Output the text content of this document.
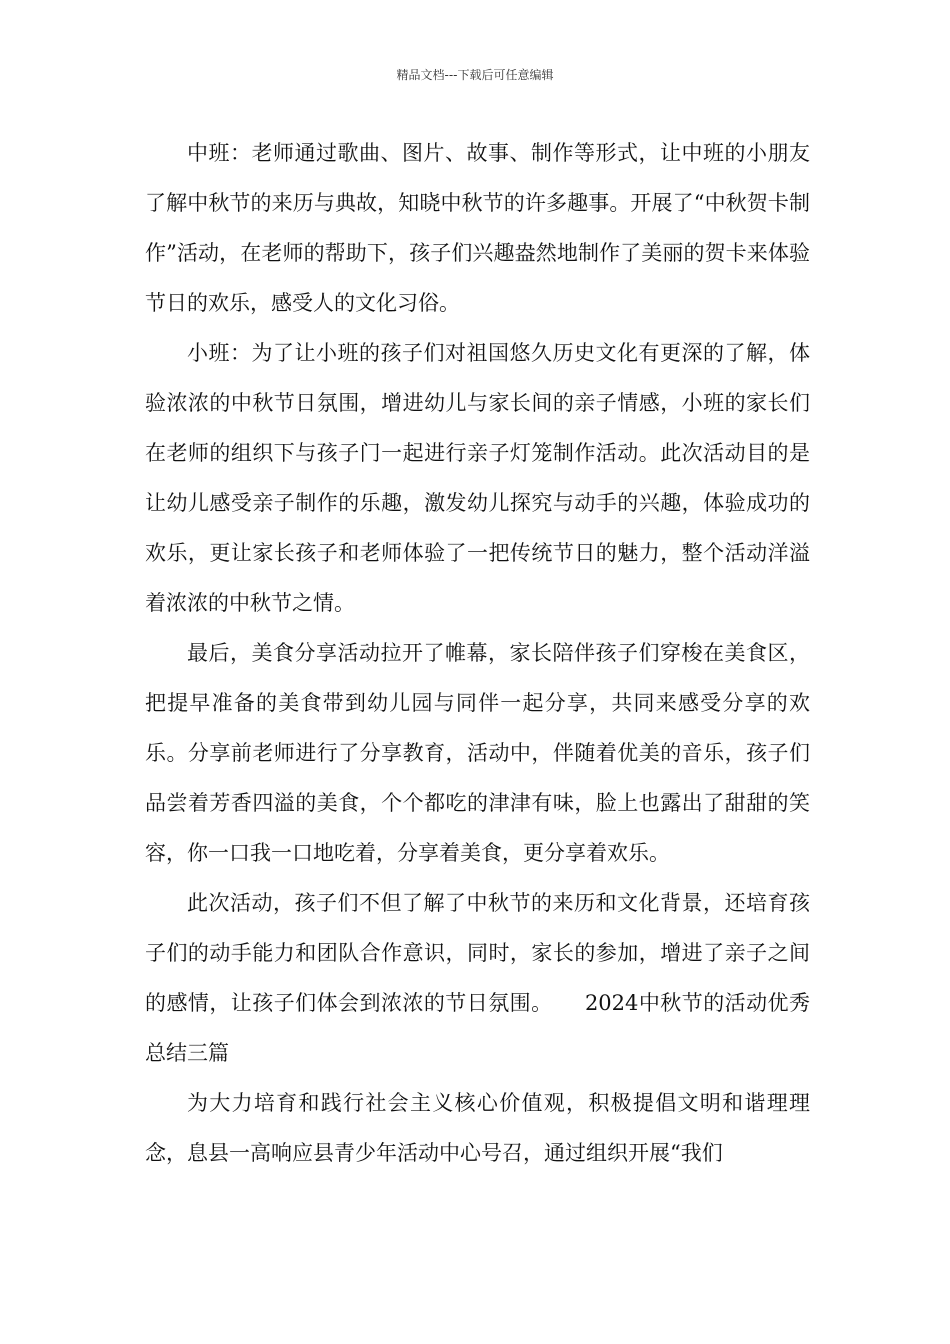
精品文档---下载后可任意编辑

中班：老师通过歌曲、图片、故事、制作等形式，让中班的小朋友了解中秋节的来历与典故，知晓中秋节的许多趣事。开展了“中秋贺卡制作”活动，在老师的帮助下，孩子们兴趣盎然地制作了美丽的贺卡来体验节日的欢乐，感受人的文化习俗。

小班：为了让小班的孩子们对祖国悠久历史文化有更深的了解，体验浓浓的中秋节日氛围，增进幼儿与家长间的亲子情感，小班的家长们在老师的组织下与孩子门一起进行亲子灯笼制作活动。此次活动目的是让幼儿感受亲子制作的乐趣，激发幼儿探究与动手的兴趣，体验成功的欢乐，更让家长孩子和老师体验了一把传统节日的魅力，整个活动洋溢着浓浓的中秋节之情。

最后，美食分享活动拉开了帷幕，家长陪伴孩子们穿梭在美食区，把提早准备的美食带到幼儿园与同伴一起分享，共同来感受分享的欢乐。分享前老师进行了分享教育，活动中，伴随着优美的音乐，孩子们品尝着芳香四溢的美食，个个都吃的津津有味，脸上也露出了甜甜的笑容，你一口我一口地吃着，分享着美食，更分享着欢乐。

此次活动，孩子们不但了解了中秋节的来历和文化背景，还培育孩子们的动手能力和团队合作意识，同时，家长的参加，增进了亲子之间的感情，让孩子们体会到浓浓的节日氛围。　　2024中秋节的活动优秀总结三篇

为大力培育和践行社会主义核心价值观，积极提倡文明和谐理理念，息县一高响应县青少年活动中心号召，通过组织开展“我们
